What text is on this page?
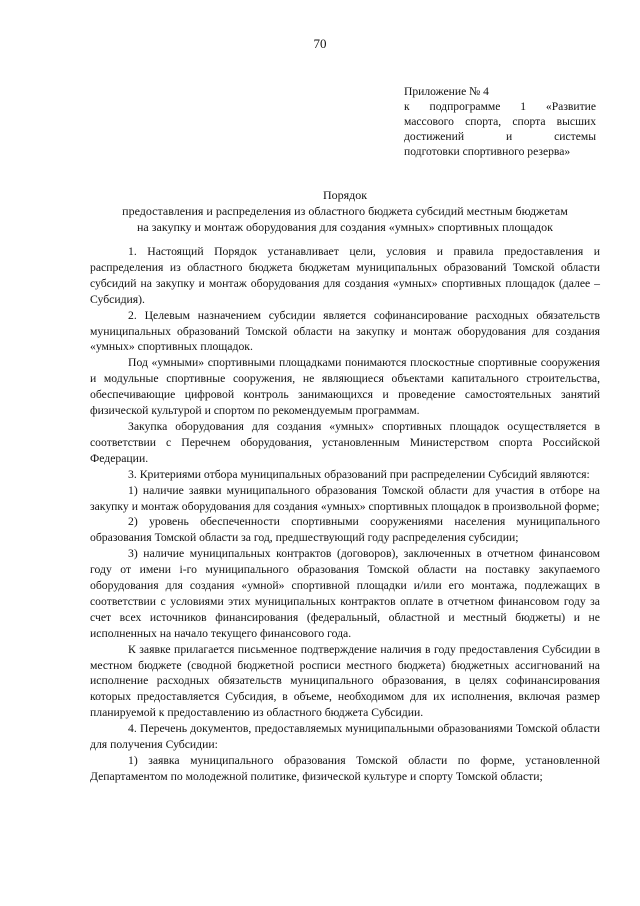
70
Приложение № 4
к подпрограмме 1 «Развитие
массового спорта, спорта высших
достижений и системы
подготовки спортивного резерва»
Порядок
предоставления и распределения из областного бюджета субсидий местным бюджетам
на закупку и монтаж оборудования для создания «умных» спортивных площадок

1. Настоящий Порядок устанавливает цели, условия и правила предоставления и распределения из областного бюджета бюджетам муниципальных образований Томской области субсидий на закупку и монтаж оборудования для создания «умных» спортивных площадок (далее – Субсидия).

2. Целевым назначением субсидии является софинансирование расходных обязательств муниципальных образований Томской области на закупку и монтаж оборудования для создания «умных» спортивных площадок.

Под «умными» спортивными площадками понимаются плоскостные спортивные сооружения и модульные спортивные сооружения, не являющиеся объектами капитального строительства, обеспечивающие цифровой контроль занимающихся и проведение самостоятельных занятий физической культурой и спортом по рекомендуемым программам.

Закупка оборудования для создания «умных» спортивных площадок осуществляется в соответствии с Перечнем оборудования, установленным Министерством спорта Российской Федерации.

3. Критериями отбора муниципальных образований при распределении Субсидий являются:

1) наличие заявки муниципального образования Томской области для участия в отборе на закупку и монтаж оборудования для создания «умных» спортивных площадок в произвольной форме;

2) уровень обеспеченности спортивными сооружениями населения муниципального образования Томской области за год, предшествующий году распределения субсидии;

3) наличие муниципальных контрактов (договоров), заключенных в отчетном финансовом году от имени i-го муниципального образования Томской области на поставку закупаемого оборудования для создания «умной» спортивной площадки и/или его монтажа, подлежащих в соответствии с условиями этих муниципальных контрактов оплате в отчетном финансовом году за счет всех источников финансирования (федеральный, областной и местный бюджеты) и не исполненных на начало текущего финансового года.

К заявке прилагается письменное подтверждение наличия в году предоставления Субсидии в местном бюджете (сводной бюджетной росписи местного бюджета) бюджетных ассигнований на исполнение расходных обязательств муниципального образования, в целях софинансирования которых предоставляется Субсидия, в объеме, необходимом для их исполнения, включая размер планируемой к предоставлению из областного бюджета Субсидии.

4. Перечень документов, предоставляемых муниципальными образованиями Томской области для получения Субсидии:

1) заявка муниципального образования Томской области по форме, установленной Департаментом по молодежной политике, физической культуре и спорту Томской области;
